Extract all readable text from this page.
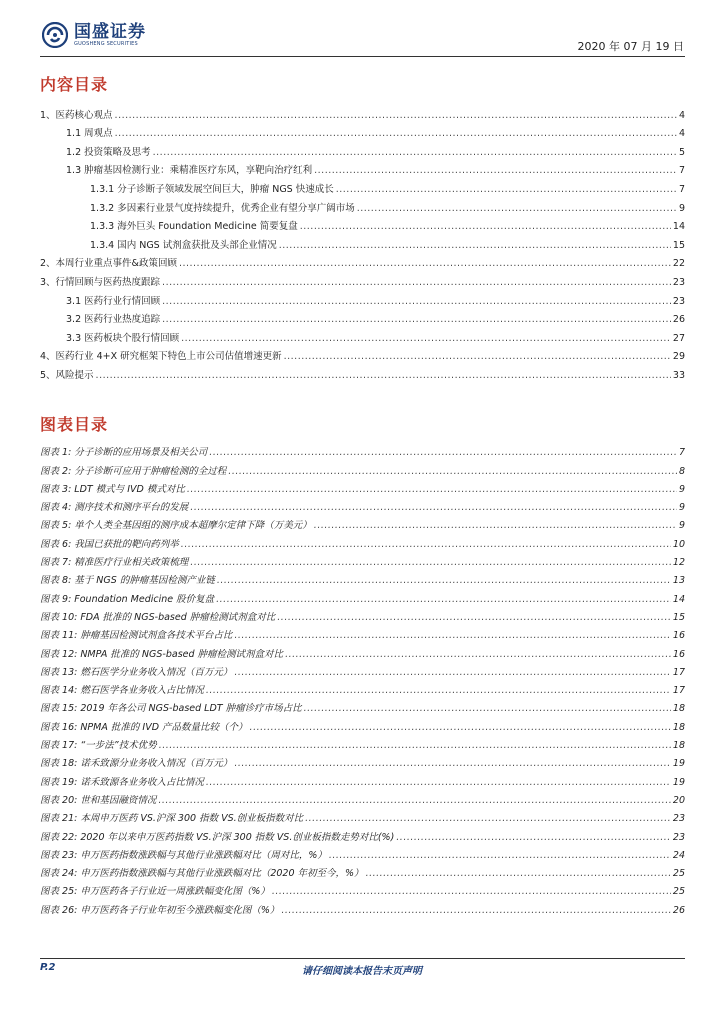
国盛证券
GUOSHENG SECURITIES	2020 年 07 月 19 日
内容目录
1、医药核心观点 .....	4
1.1 周观点 .....	4
1.2 投资策略及思考 .....	5
1.3 肿瘤基因检测行业：乘精准医疗东风，享靶向治疗红利 .....	7
1.3.1 分子诊断子领域发展空间巨大，肿瘤 NGS 快速成长 .....	7
1.3.2 多因素行业景气度持续提升，优秀企业有望分享广阔市场 .....	9
1.3.3 海外巨头 Foundation Medicine 简要复盘 .....	14
1.3.4 国内 NGS 试剂盒获批及头部企业情况 .....	15
2、本周行业重点事件&政策回顾 .....	22
3、行情回顾与医药热度跟踪 .....	23
3.1 医药行业行情回顾 .....	23
3.2 医药行业热度追踪 .....	26
3.3 医药板块个股行情回顾 .....	27
4、医药行业 4+X 研究框架下特色上市公司估值增速更新 .....	29
5、风险提示 .....	33
图表目录
图表 1: 分子诊断的应用场景及相关公司 .....	7
图表 2: 分子诊断可应用于肿瘤检测的全过程 .....	8
图表 3: LDT 模式与 IVD 模式对比 .....	9
图表 4: 测序技术和测序平台的发展 .....	9
图表 5: 单个人类全基因组的测序成本超摩尔定律下降（万美元） .....	9
图表 6: 我国已获批的靶向药列举 .....	10
图表 7: 精准医疗行业相关政策梳理 .....	12
图表 8: 基于 NGS 的肿瘤基因检测产业链 .....	13
图表 9: Foundation Medicine 股价复盘 .....	14
图表 10: FDA 批准的 NGS-based 肿瘤检测试剂盒对比 .....	15
图表 11: 肿瘤基因检测试剂盒各技术平台占比 .....	16
图表 12: NMPA 批准的 NGS-based 肿瘤检测试剂盒对比 .....	16
图表 13: 燃石医学分业务收入情况（百万元） .....	17
图表 14: 燃石医学各业务收入占比情况 .....	17
图表 15: 2019 年各公司 NGS-based LDT 肿瘤诊疗市场占比 .....	18
图表 16: NPMA 批准的 IVD 产品数量比较（个） .....	18
图表 17: “一步法”技术优势 .....	18
图表 18: 诺禾致源分业务收入情况（百万元） .....	19
图表 19: 诺禾致源各业务收入占比情况 .....	19
图表 20: 世和基因融资情况 .....	20
图表 21: 本周申万医药 VS.沪深 300 指数 VS.创业板指数对比 .....	23
图表 22: 2020 年以来申万医药指数 VS.沪深 300 指数 VS.创业板指数走势对比(%) .....	23
图表 23: 申万医药指数涨跌幅与其他行业涨跌幅对比（周对比，%） .....	24
图表 24: 申万医药指数涨跌幅与其他行业涨跌幅对比（2020 年初至今，%） .....	25
图表 25: 申万医药各子行业近一周涨跌幅变化图（%） .....	25
图表 26: 申万医药各子行业年初至今涨跌幅变化图（%） .....	26
请仔细阅读本报告末页声明
P.2
